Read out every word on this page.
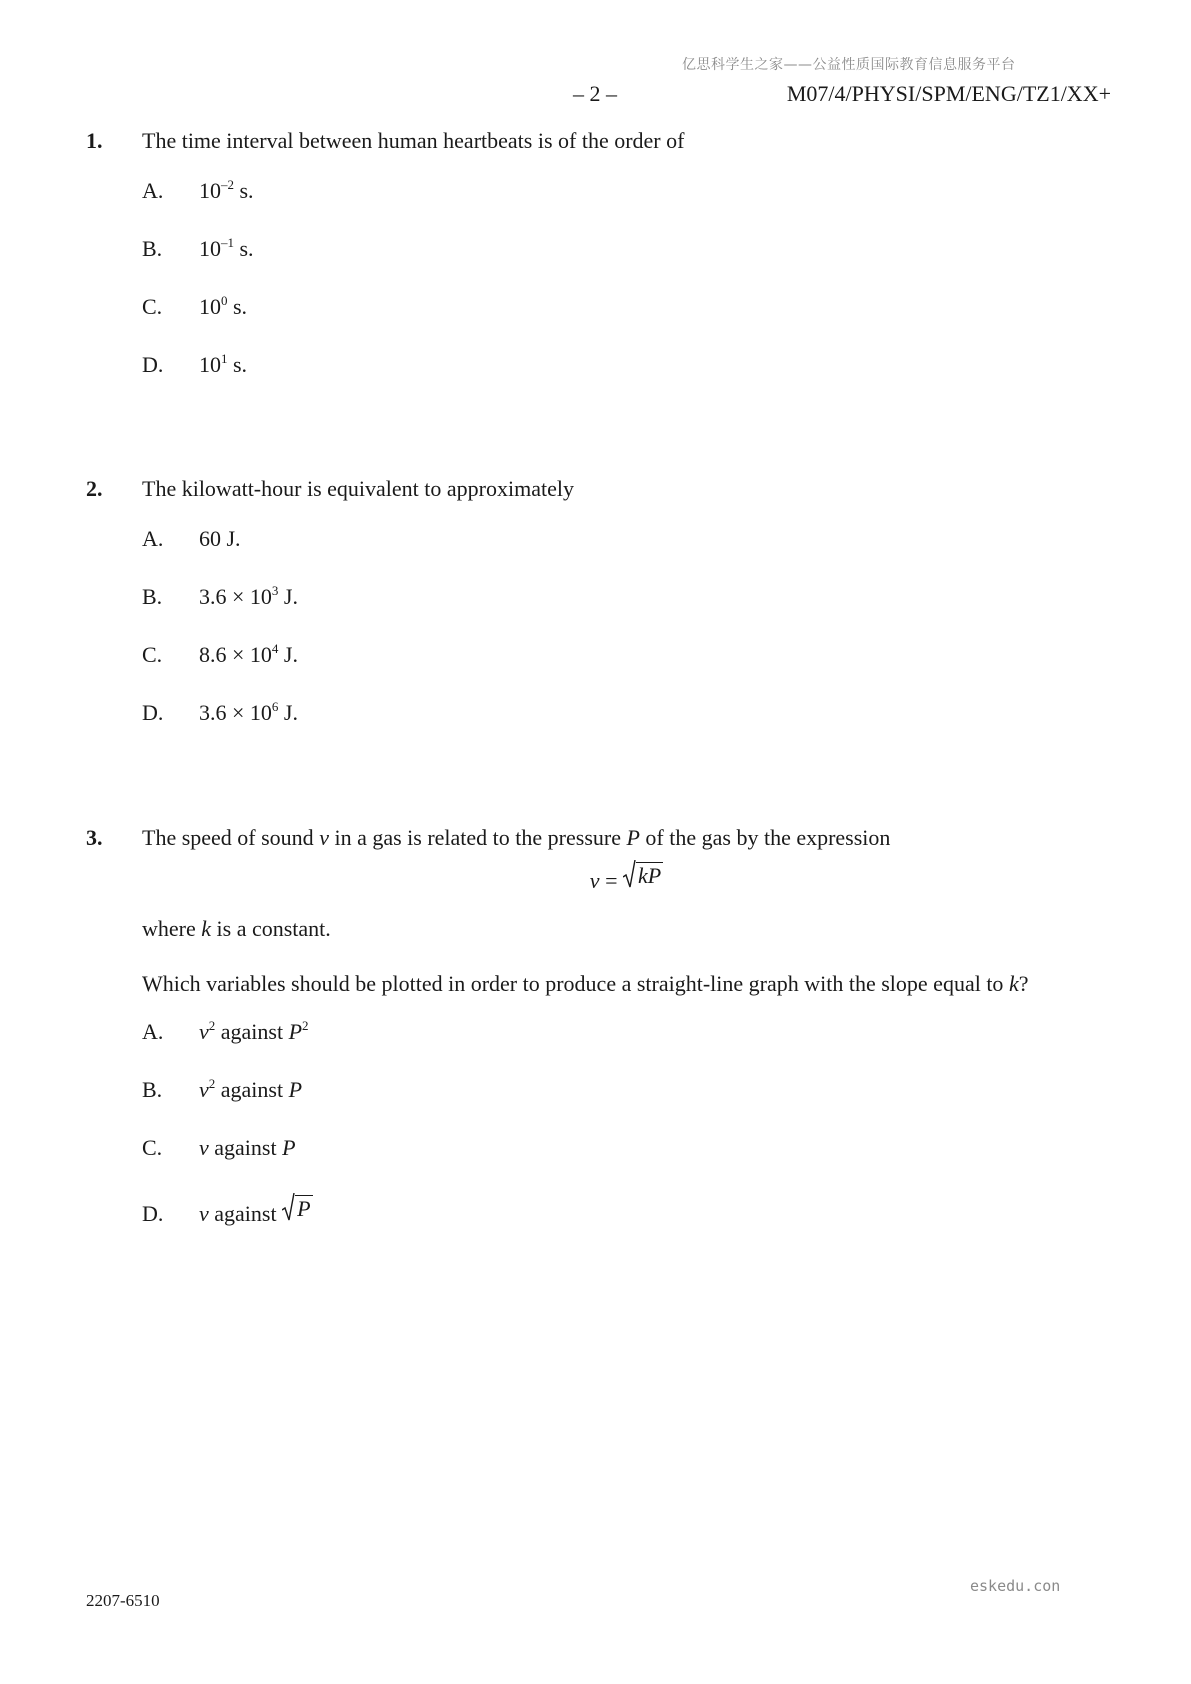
亿思科学生之家——公益性质国际教育信息服务平台
– 2 –	M07/4/PHYSI/SPM/ENG/TZ1/XX+
1.	The time interval between human heartbeats is of the order of
A.	$10^{-2}$ s.
B.	$10^{-1}$ s.
C.	$10^0$ s.
D.	$10^1$ s.
2.	The kilowatt-hour is equivalent to approximately
A.	60 J.
B.	$3.6 \times 10^3$ J.
C.	$8.6 \times 10^4$ J.
D.	$3.6 \times 10^6$ J.
3.	The speed of sound v in a gas is related to the pressure P of the gas by the expression
v = kP
where k is a constant.
Which variables should be plotted in order to produce a straight-line graph with the slope equal to k?
A.	$v^2$ against $P^2$
B.	$v^2$ against P
C.	v against P
D.	v against P
2207-6510
eskedu.con
